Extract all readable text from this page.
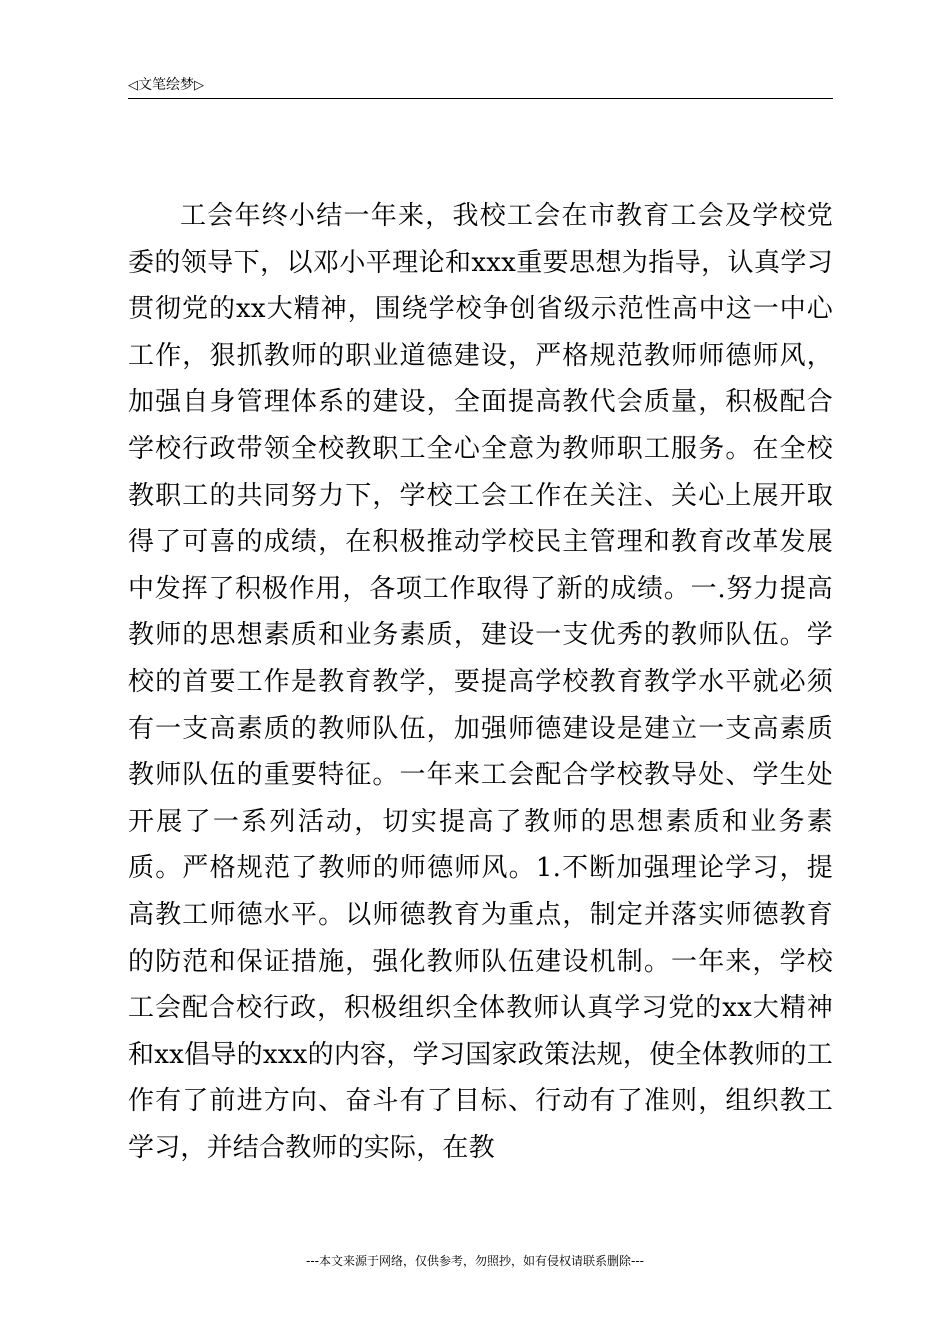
◁文笔绘梦▷

工会年终小结一年来，我校工会在市教育工会及学校党委的领导下，以邓小平理论和xxx重要思想为指导，认真学习贯彻党的xx大精神，围绕学校争创省级示范性高中这一中心工作，狠抓教师的职业道德建设，严格规范教师师德师风，加强自身管理体系的建设，全面提高教代会质量，积极配合学校行政带领全校教职工全心全意为教师职工服务。在全校教职工的共同努力下，学校工会工作在关注、关心上展开取得了可喜的成绩，在积极推动学校民主管理和教育改革发展中发挥了积极作用，各项工作取得了新的成绩。一.努力提高教师的思想素质和业务素质，建设一支优秀的教师队伍。学校的首要工作是教育教学，要提高学校教育教学水平就必须有一支高素质的教师队伍，加强师德建设是建立一支高素质教师队伍的重要特征。一年来工会配合学校教导处、学生处开展了一系列活动，切实提高了教师的思想素质和业务素质。严格规范了教师的师德师风。1.不断加强理论学习，提高教工师德水平。以师德教育为重点，制定并落实师德教育的防范和保证措施，强化教师队伍建设机制。一年来，学校工会配合校行政，积极组织全体教师认真学习党的xx大精神和xx倡导的xxx的内容，学习国家政策法规，使全体教师的工作有了前进方向、奋斗有了目标、行动有了准则，组织教工学习，并结合教师的实际，在教

---本文来源于网络，仅供参考，勿照抄，如有侵权请联系删除---
